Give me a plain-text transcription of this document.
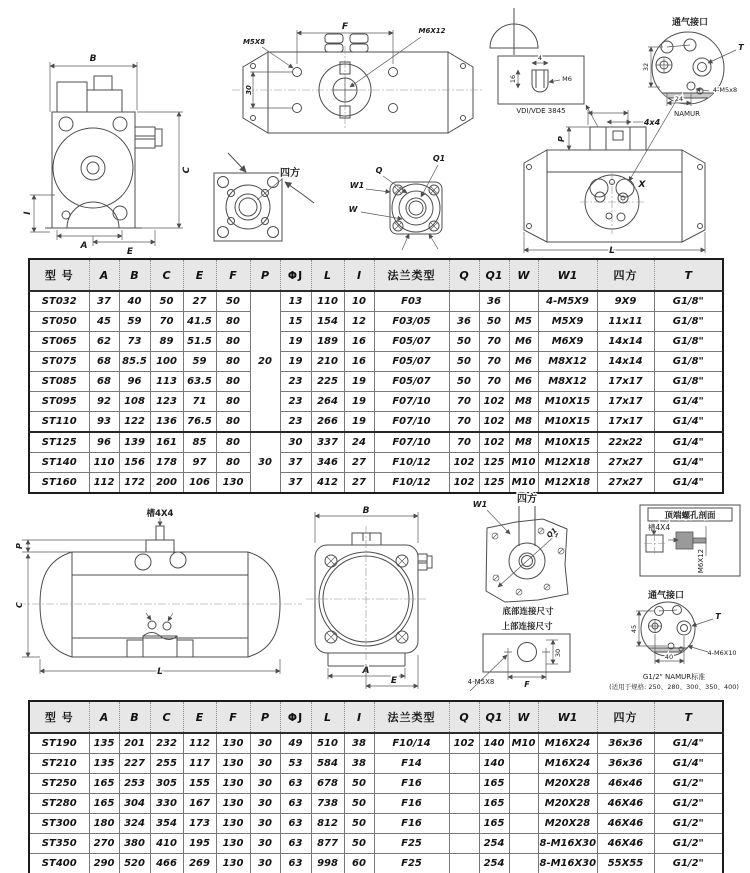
B
C
I
A
E
F
M5X8
M6X12
30
四方	Q
Q1
W1
W
4
16	M6
VDI/VDE 3845
通气接口
32
24
NAMUR
T
4-M5x8
4x4
P
X
L
型 号	A	B	C	E	F	P	ΦJ	L	I	法兰类型	Q	Q1	W	W1	四方	T
ST032	37	40	50	27	50	20	13	110	10	F03		36		4-M5X9	9X9	G1/8"
ST050	45	59	70	41.5	80		15	154	12	F03/05	36	50	M5	M5X9	11x11	G1/8"
ST065	62	73	89	51.5	80		19	189	16	F05/07	50	70	M6	M6X9	14x14	G1/8"
ST075	68	85.5	100	59	80		19	210	16	F05/07	50	70	M6	M8X12	14x14	G1/8"
ST085	68	96	113	63.5	80		23	225	19	F05/07	50	70	M6	M8X12	17x17	G1/8"
ST095	92	108	123	71	80		23	264	19	F07/10	70	102	M8	M10X15	17x17	G1/4"
ST110	93	122	136	76.5	80		23	266	19	F07/10	70	102	M8	M10X15	17x17	G1/4"
ST125	96	139	161	85	80	30	30	337	24	F07/10	70	102	M8	M10X15	22x22	G1/4"
ST140	110	156	178	97	80		37	346	27	F10/12	102	125	M10	M12X18	27x27	G1/4"
ST160	112	172	200	106	130		37	412	27	F10/12	102	125	M10	M12X18	27x27	G1/4"
槽4X4
P
C
L
B
A
E
四方
Q1
W1
底部连接尺寸
上部连接尺寸
30
F
4-M5X8
顶端螺孔剖面
槽4X4
M6X12
通气接口
45
40
T
4-M6X10
G1/2" NAMUR标准
(适用于规格: 250、280、300、350、400)
型 号	A	B	C	E	F	P	ΦJ	L	I	法兰类型	Q	Q1	W	W1	四方	T
ST190	135	201	232	112	130	30	49	510	38	F10/14	102	140	M10	M16X24	36x36	G1/4"
ST210	135	227	255	117	130	30	53	584	38	F14		140		M16X24	36x36	G1/4"
ST250	165	253	305	155	130	30	63	678	50	F16		165		M20X28	46x46	G1/2"
ST280	165	304	330	167	130	30	63	738	50	F16		165		M20X28	46X46	G1/2"
ST300	180	324	354	173	130	30	63	812	50	F16		165		M20X28	46X46	G1/2"
ST350	270	380	410	195	130	30	63	877	50	F25		254		8-M16X30	46X46	G1/2"
ST400	290	520	466	269	130	30	63	998	60	F25		254		8-M16X30	55X55	G1/2"
